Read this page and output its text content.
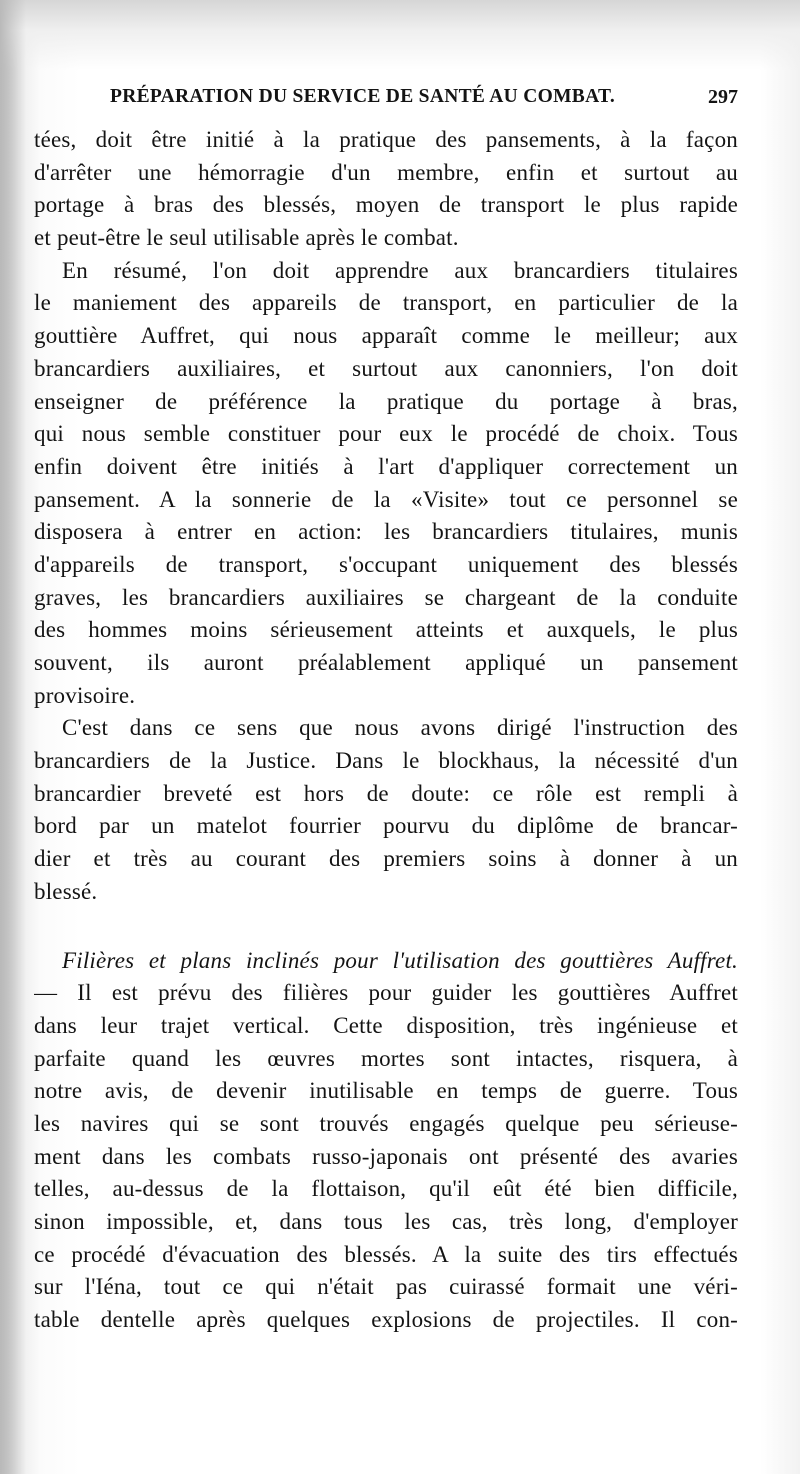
PRÉPARATION DU SERVICE DE SANTÉ AU COMBAT.	297
tées, doit être initié à la pratique des pansements, à la façon
d'arrêter une hémorragie d'un membre, enfin et surtout au
portage à bras des blessés, moyen de transport le plus rapide
et peut-être le seul utilisable après le combat.
En résumé, l'on doit apprendre aux brancardiers titulaires
le maniement des appareils de transport, en particulier de la
gouttière Auffret, qui nous apparaît comme le meilleur; aux
brancardiers auxiliaires, et surtout aux canonniers, l'on doit
enseigner de préférence la pratique du portage à bras,
qui nous semble constituer pour eux le procédé de choix. Tous
enfin doivent être initiés à l'art d'appliquer correctement un
pansement. A la sonnerie de la «Visite» tout ce personnel se
disposera à entrer en action: les brancardiers titulaires, munis
d'appareils de transport, s'occupant uniquement des blessés
graves, les brancardiers auxiliaires se chargeant de la conduite
des hommes moins sérieusement atteints et auxquels, le plus
souvent, ils auront préalablement appliqué un pansement
provisoire.
C'est dans ce sens que nous avons dirigé l'instruction des
brancardiers de la Justice. Dans le blockhaus, la nécessité d'un
brancardier breveté est hors de doute: ce rôle est rempli à
bord par un matelot fourrier pourvu du diplôme de brancar-
dier et très au courant des premiers soins à donner à un
blessé.
Filières et plans inclinés pour l'utilisation des gouttières Auffret.
— Il est prévu des filières pour guider les gouttières Auffret
dans leur trajet vertical. Cette disposition, très ingénieuse et
parfaite quand les œuvres mortes sont intactes, risquera, à
notre avis, de devenir inutilisable en temps de guerre. Tous
les navires qui se sont trouvés engagés quelque peu sérieuse-
ment dans les combats russo-japonais ont présenté des avaries
telles, au-dessus de la flottaison, qu'il eût été bien difficile,
sinon impossible, et, dans tous les cas, très long, d'employer
ce procédé d'évacuation des blessés. A la suite des tirs effectués
sur l'Iéna, tout ce qui n'était pas cuirassé formait une véri-
table dentelle après quelques explosions de projectiles. Il con-
